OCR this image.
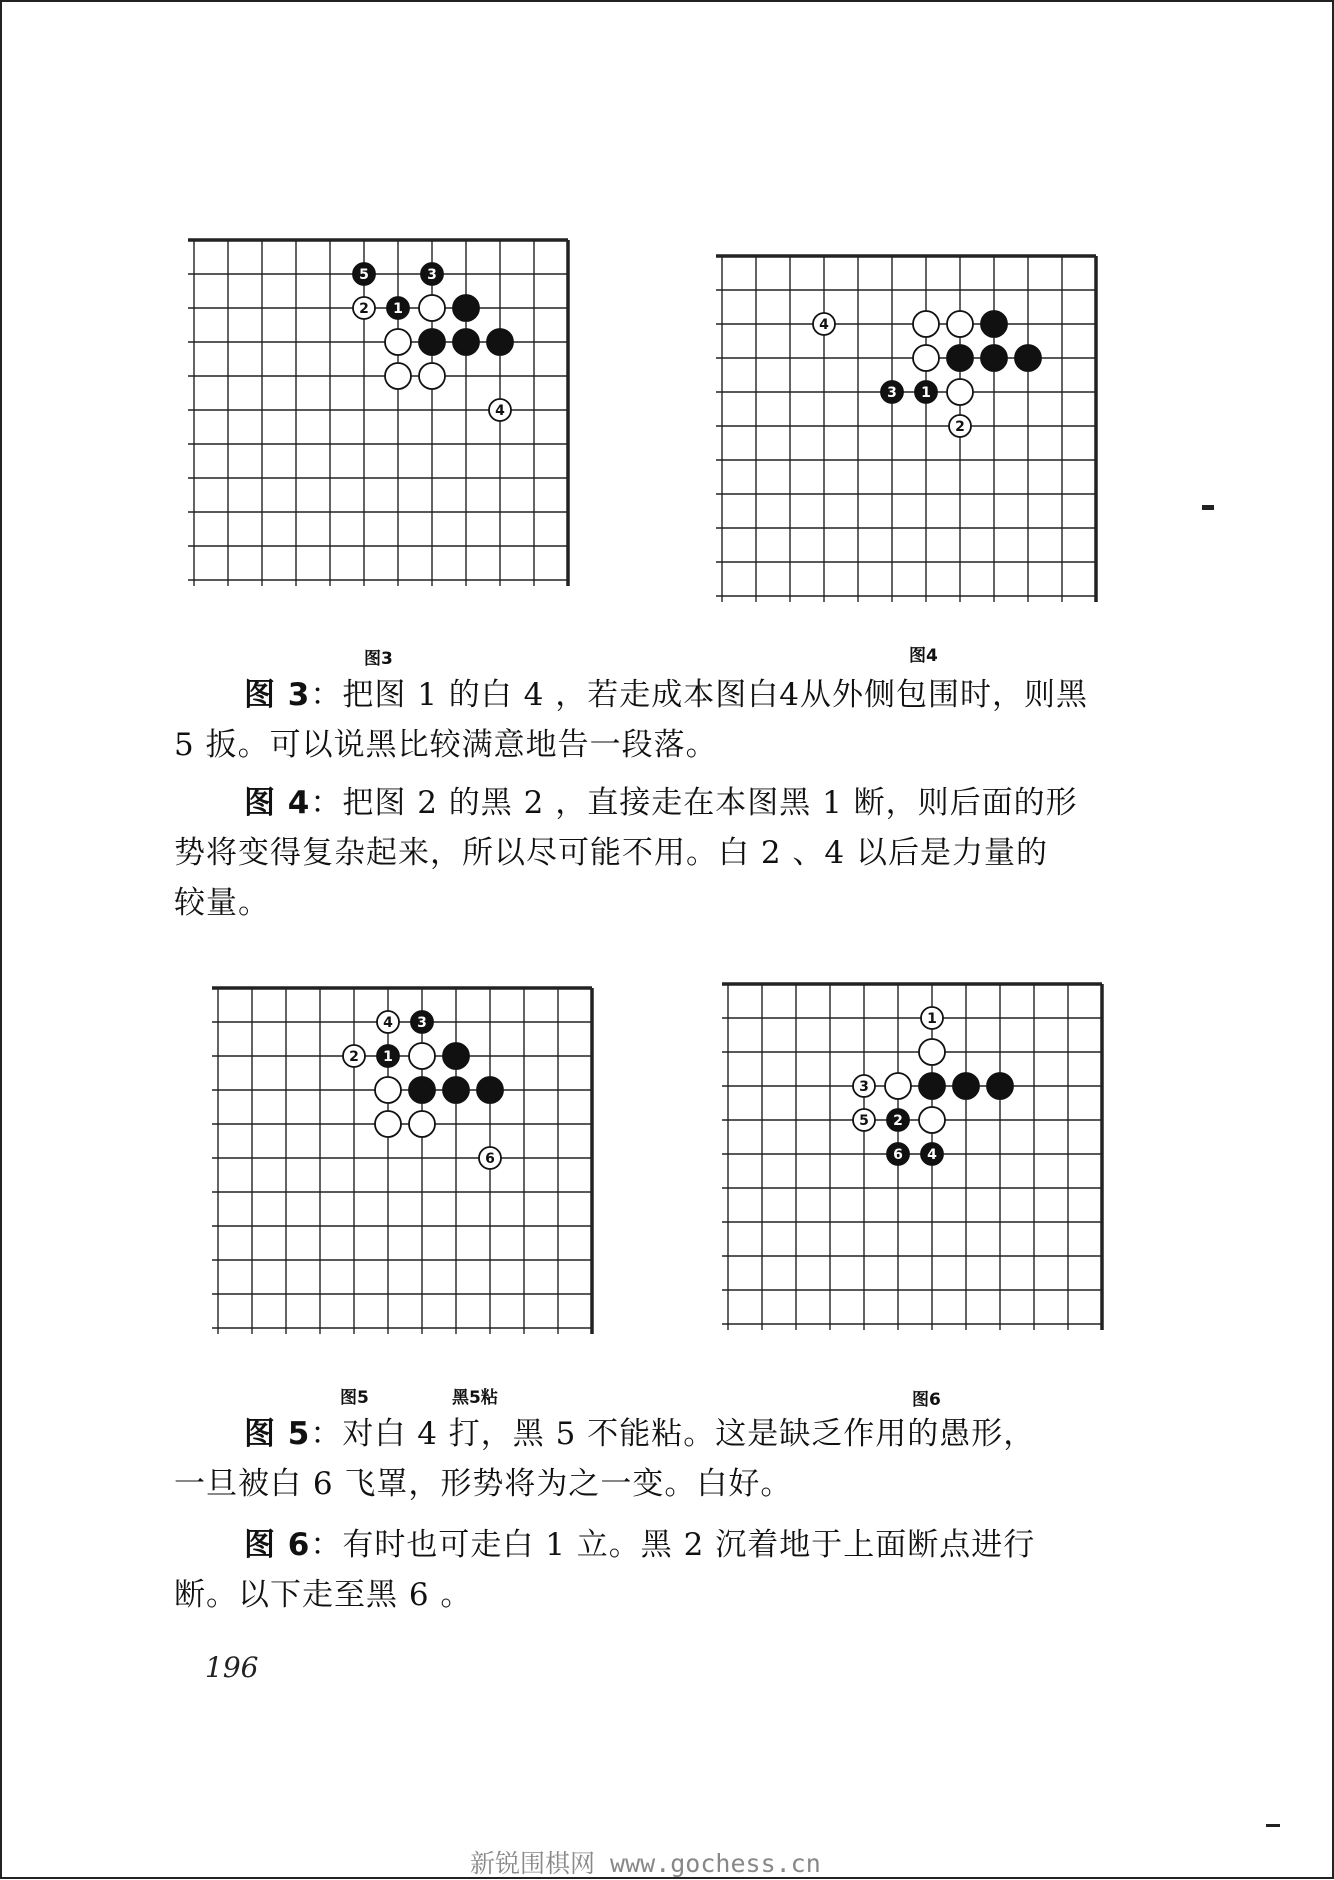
5	3
2 1
4
图3
4
3 1
2
图4
4 3
2 1
6
图5	黑5粘
1
3
5 2
6 4
图6
图 3：把图 1 的白 4 ，若走成本图白4从外侧包围时，则黑
5 扳。可以说黑比较满意地告一段落。
图 4：把图 2 的黑 2 ，直接走在本图黑 1 断，则后面的形
势将变得复杂起来，所以尽可能不用。白 2 、4 以后是力量的
较量。
图 5：对白 4 打，黑 5 不能粘。这是缺乏作用的愚形，
一旦被白 6 飞罩，形势将为之一变。白好。
图 6：有时也可走白 1 立。黑 2 沉着地于上面断点进行
断。以下走至黑 6 。
196
新锐围棋网 www.gochess.cn
